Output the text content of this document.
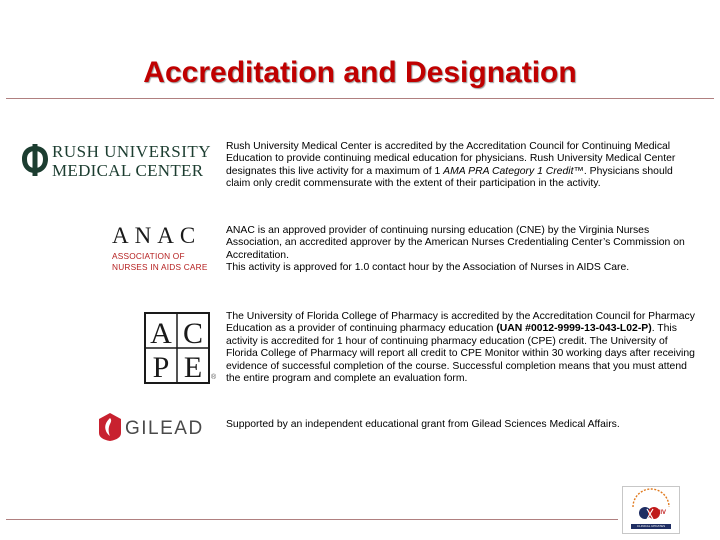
Accreditation and Designation
RUSH UNIVERSITY
MEDICAL CENTER
Rush University Medical Center is accredited by the Accreditation Council for Continuing Medical Education to provide continuing medical education for physicians. Rush University Medical Center designates this live activity for a maximum of 1 AMA PRA Category 1 Credit™. Physicians should claim only credit commensurate with the extent of their participation in the activity.
ANAC
ASSOCIATION OF
NURSES IN AIDS CARE
ANAC is an approved provider of continuing nursing education (CNE) by the Virginia Nurses Association, an accredited approver by the American Nurses Credentialing Center’s Commission on Accreditation.
This activity is approved for 1.0 contact hour by the Association of Nurses in AIDS Care.
A C
P E ®
The University of Florida College of Pharmacy is accredited by the Accreditation Council for Pharmacy Education as a provider of continuing pharmacy education (UAN #0012-9999-13-043-L02-P). This activity is accredited for 1 hour of continuing pharmacy education (CPE) credit. The University of Florida College of Pharmacy will report all credit to CPE Monitor within 30 working days after receiving evidence of successful completion of the course. Successful completion means that you must attend the entire program and complete an evaluation form.
GILEAD Supported by an independent educational grant from Gilead Sciences Medical Affairs.
HIV
CLINICAL UPDATES
